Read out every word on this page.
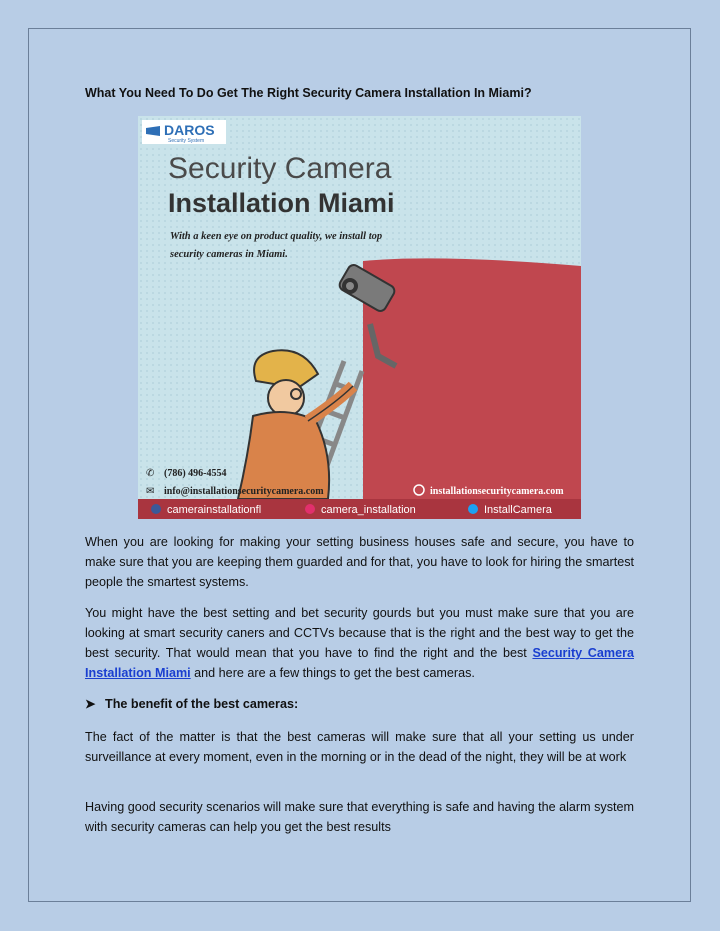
What You Need To Do Get The Right Security Camera Installation In Miami?
DAROS
Security System
Security Camera
Installation Miami
With a keen eye on product quality, we install top
security cameras in Miami.
✆ (786) 496-4554
✉ info@installationsecuritycamera.com	installationsecuritycamera.com
camerainstallationfl	camera_installation	InstallCamera

When you are looking for making your setting business houses safe and secure, you have to make sure that you are keeping them guarded and for that, you have to look for hiring the smartest people the smartest systems.

You might have the best setting and bet security gourds but you must make sure that you are looking at smart security caners and CCTVs because that is the right and the best way to get the best security. That would mean that you have to find the right and the best Security Camera Installation Miami and here are a few things to get the best cameras.

➤ The benefit of the best cameras:

The fact of the matter is that the best cameras will make sure that all your setting us under surveillance at every moment, even in the morning or in the dead of the night, they will be at work

Having good security scenarios will make sure that everything is safe and having the alarm system with security cameras can help you get the best results
